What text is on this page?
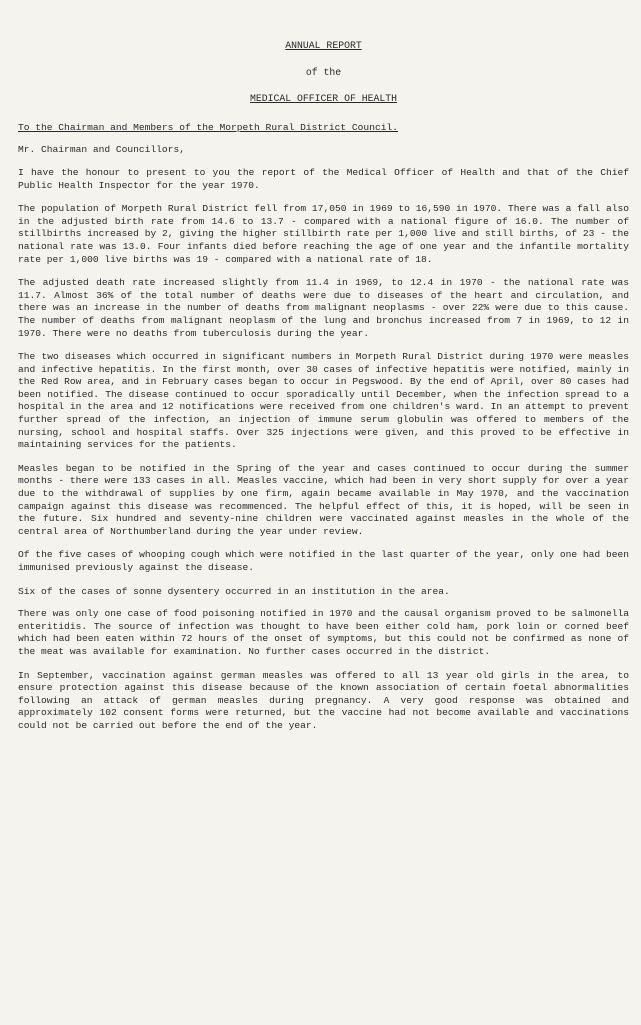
ANNUAL REPORT
of the
MEDICAL OFFICER OF HEALTH
To the Chairman and Members of the Morpeth Rural District Council.
Mr. Chairman and Councillors,

I have the honour to present to you the report of the Medical Officer of Health and that of the Chief Public Health Inspector for the year 1970.

The population of Morpeth Rural District fell from 17,050 in 1969 to 16,590 in 1970. There was a fall also in the adjusted birth rate from 14.6 to 13.7 - compared with a national figure of 16.0. The number of stillbirths increased by 2, giving the higher stillbirth rate per 1,000 live and still births, of 23 - the national rate was 13.0. Four infants died before reaching the age of one year and the infantile mortality rate per 1,000 live births was 19 - compared with a national rate of 18.

The adjusted death rate increased slightly from 11.4 in 1969, to 12.4 in 1970 - the national rate was 11.7. Almost 36% of the total number of deaths were due to diseases of the heart and circulation, and there was an increase in the number of deaths from malignant neoplasms - over 22% were due to this cause. The number of deaths from malignant neoplasm of the lung and bronchus increased from 7 in 1969, to 12 in 1970. There were no deaths from tuberculosis during the year.

The two diseases which occurred in significant numbers in Morpeth Rural District during 1970 were measles and infective hepatitis. In the first month, over 30 cases of infective hepatitis were notified, mainly in the Red Row area, and in February cases began to occur in Pegswood. By the end of April, over 80 cases had been notified. The disease continued to occur sporadically until December, when the infection spread to a hospital in the area and 12 notifications were received from one children's ward. In an attempt to prevent further spread of the infection, an injection of immune serum globulin was offered to members of the nursing, school and hospital staffs. Over 325 injections were given, and this proved to be effective in maintaining services for the patients.

Measles began to be notified in the Spring of the year and cases continued to occur during the summer months - there were 133 cases in all. Measles vaccine, which had been in very short supply for over a year due to the withdrawal of supplies by one firm, again became available in May 1970, and the vaccination campaign against this disease was recommenced. The helpful effect of this, it is hoped, will be seen in the future. Six hundred and seventy-nine children were vaccinated against measles in the whole of the central area of Northumberland during the year under review.

Of the five cases of whooping cough which were notified in the last quarter of the year, only one had been immunised previously against the disease.

Six of the cases of sonne dysentery occurred in an institution in the area.

There was only one case of food poisoning notified in 1970 and the causal organism proved to be salmonella enteritidis. The source of infection was thought to have been either cold ham, pork loin or corned beef which had been eaten within 72 hours of the onset of symptoms, but this could not be confirmed as none of the meat was available for examination. No further cases occurred in the district.

In September, vaccination against german measles was offered to all 13 year old girls in the area, to ensure protection against this disease because of the known association of certain foetal abnormalities following an attack of german measles during pregnancy. A very good response was obtained and approximately 102 consent forms were returned, but the vaccine had not become available and vaccinations could not be carried out before the end of the year.
